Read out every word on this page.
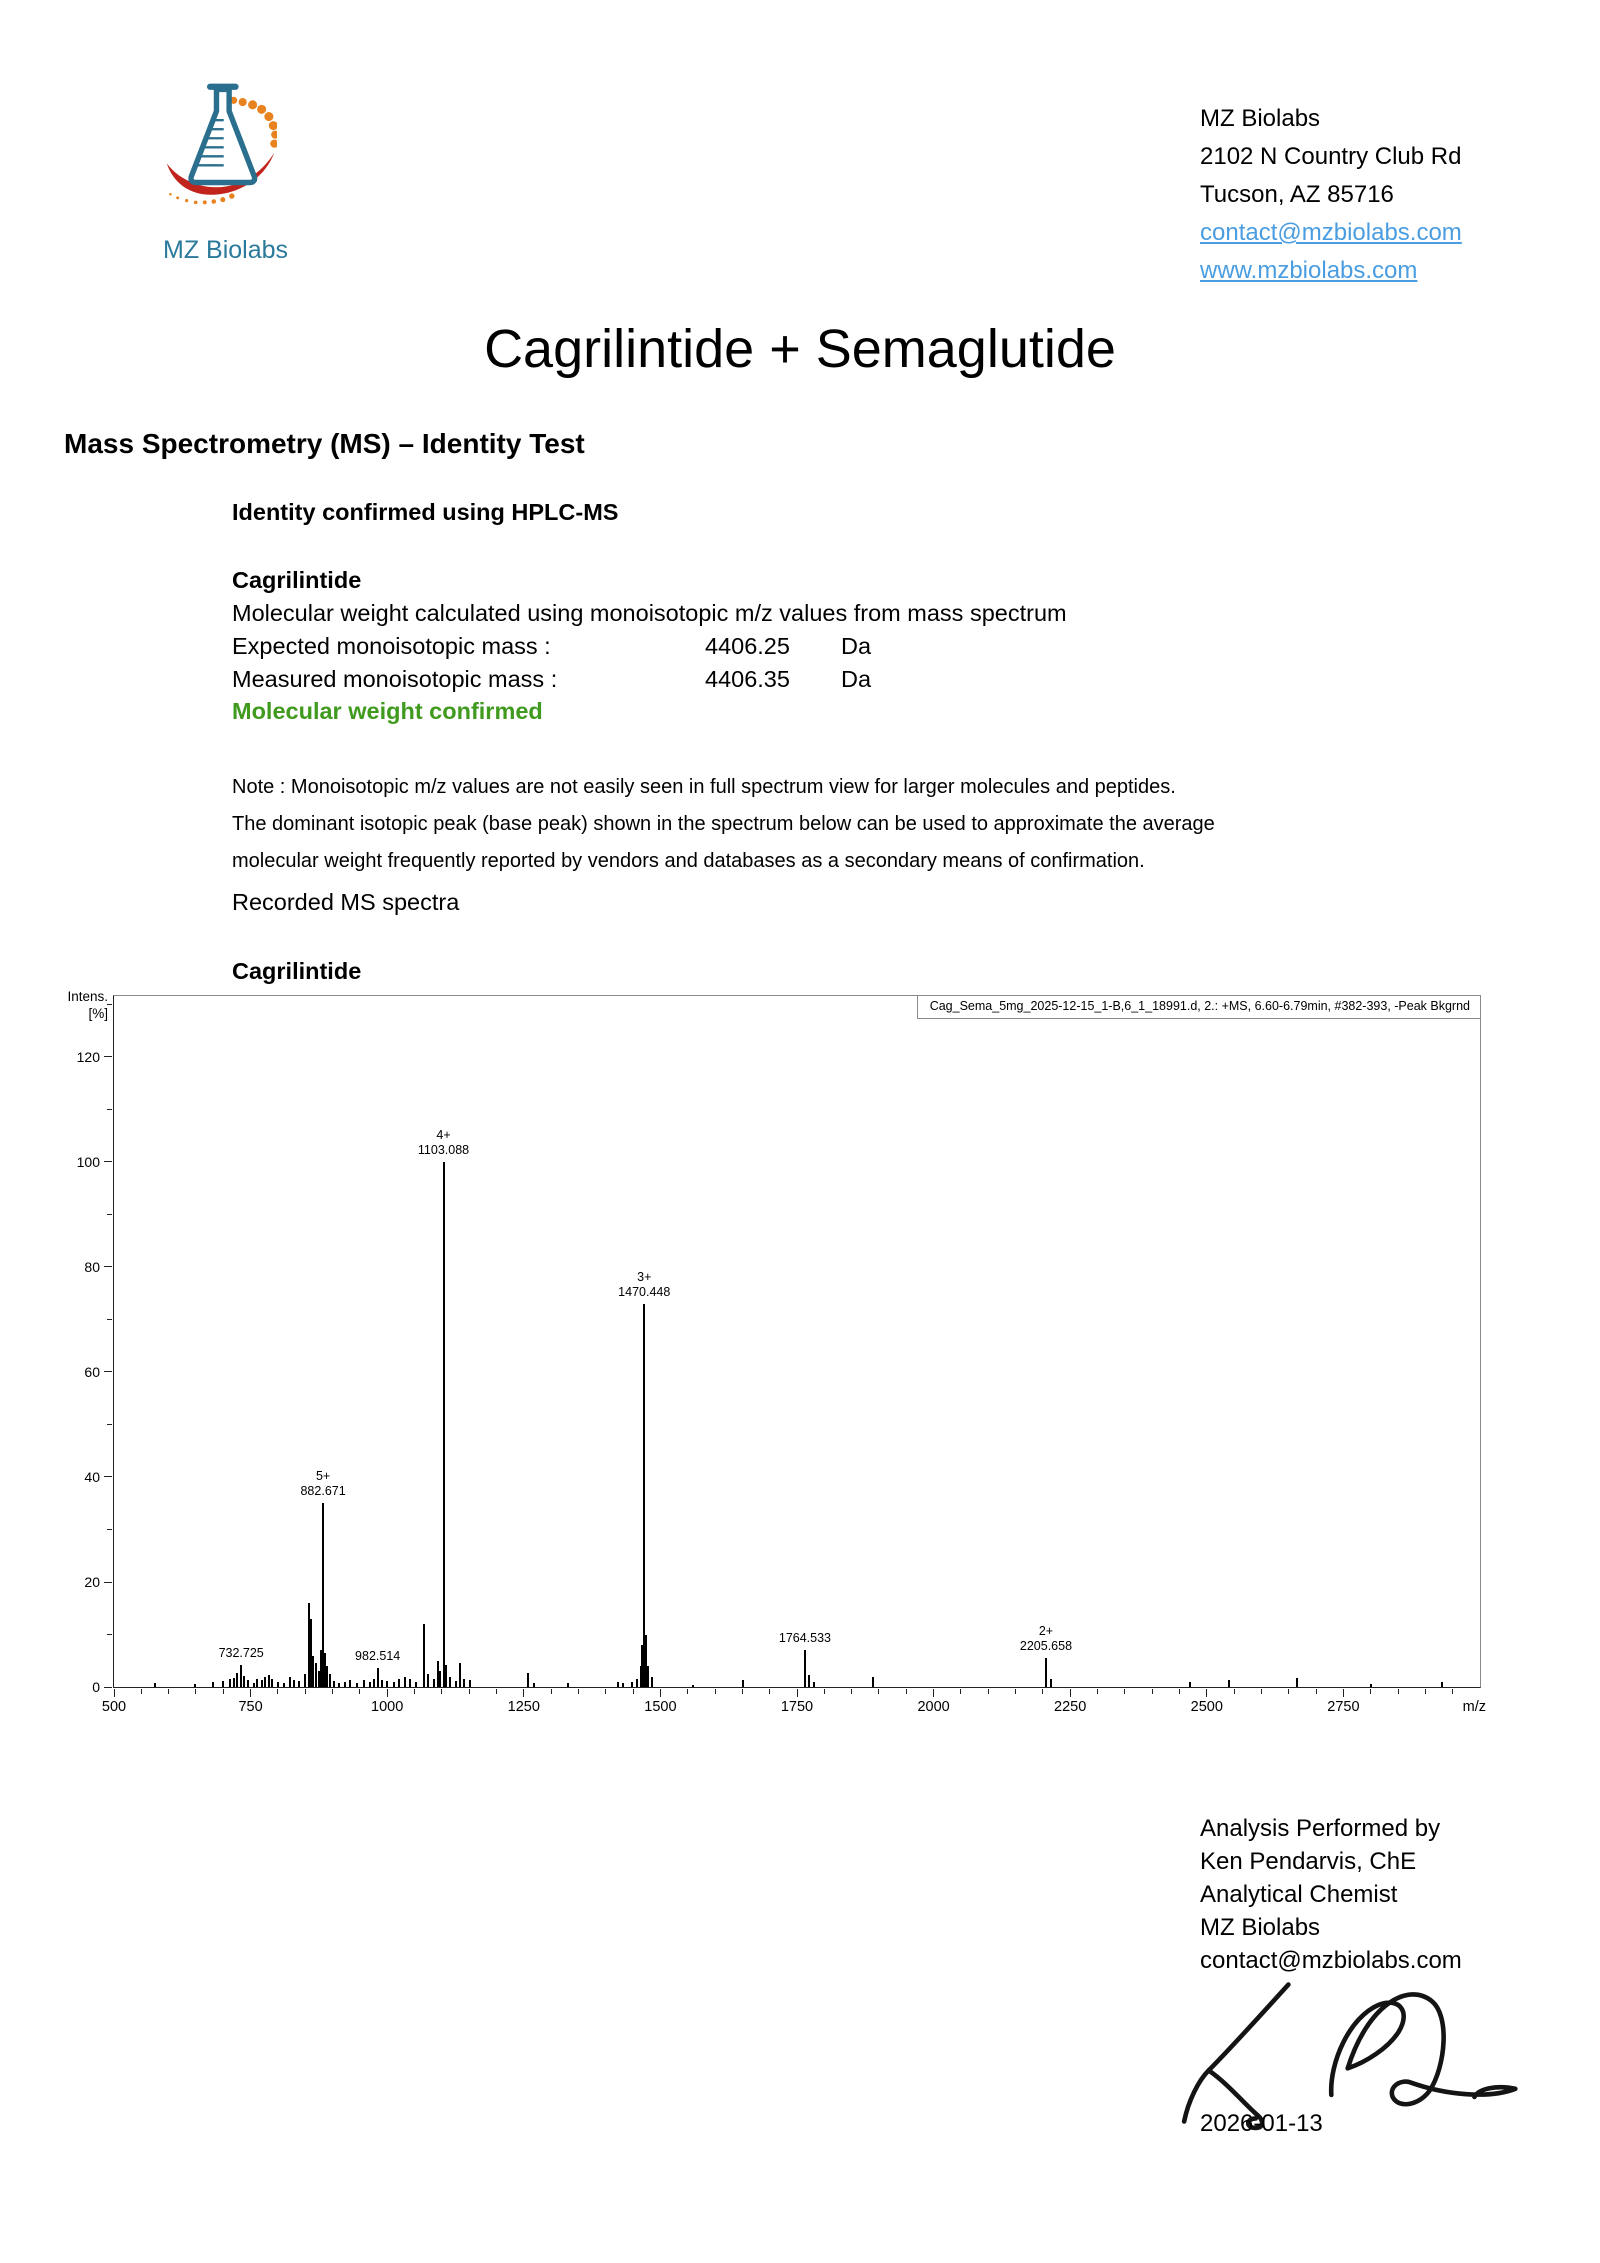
MZ Biolabs
MZ Biolabs
2102 N Country Club Rd
Tucson, AZ 85716
contact@mzbiolabs.com
www.mzbiolabs.com
Cagrilintide + Semaglutide
Mass Spectrometry (MS) – Identity Test
Identity confirmed using HPLC-MS
Cagrilintide
Molecular weight calculated using monoisotopic m/z values from mass spectrum
Expected monoisotopic mass :	4406.25 Da
Measured monoisotopic mass :	4406.35 Da
Molecular weight confirmed
Note : Monoisotopic m/z values are not easily seen in full spectrum view for larger molecules and peptides.
The dominant isotopic peak (base peak) shown in the spectrum below can be used to approximate the average
molecular weight frequently reported by vendors and databases as a secondary means of confirmation.
Recorded MS spectra
Cagrilintide
Intens.
[%]	Cag_Sema_5mg_2025-12-15_1-B,6_1_18991.d, 2.: +MS, 6.60-6.79min, #382-393, -Peak Bkgrnd
m/z
0
20
40
60
80
100
120
500	750	1000	1250	1500	1750	2000	2250	2500	2750
732.725
5+
882.671
982.514
4+
1103.088
3+
1470.448
1764.533
2+
2205.658
Analysis Performed by
Ken Pendarvis, ChE
Analytical Chemist
MZ Biolabs
contact@mzbiolabs.com
2026-01-13
